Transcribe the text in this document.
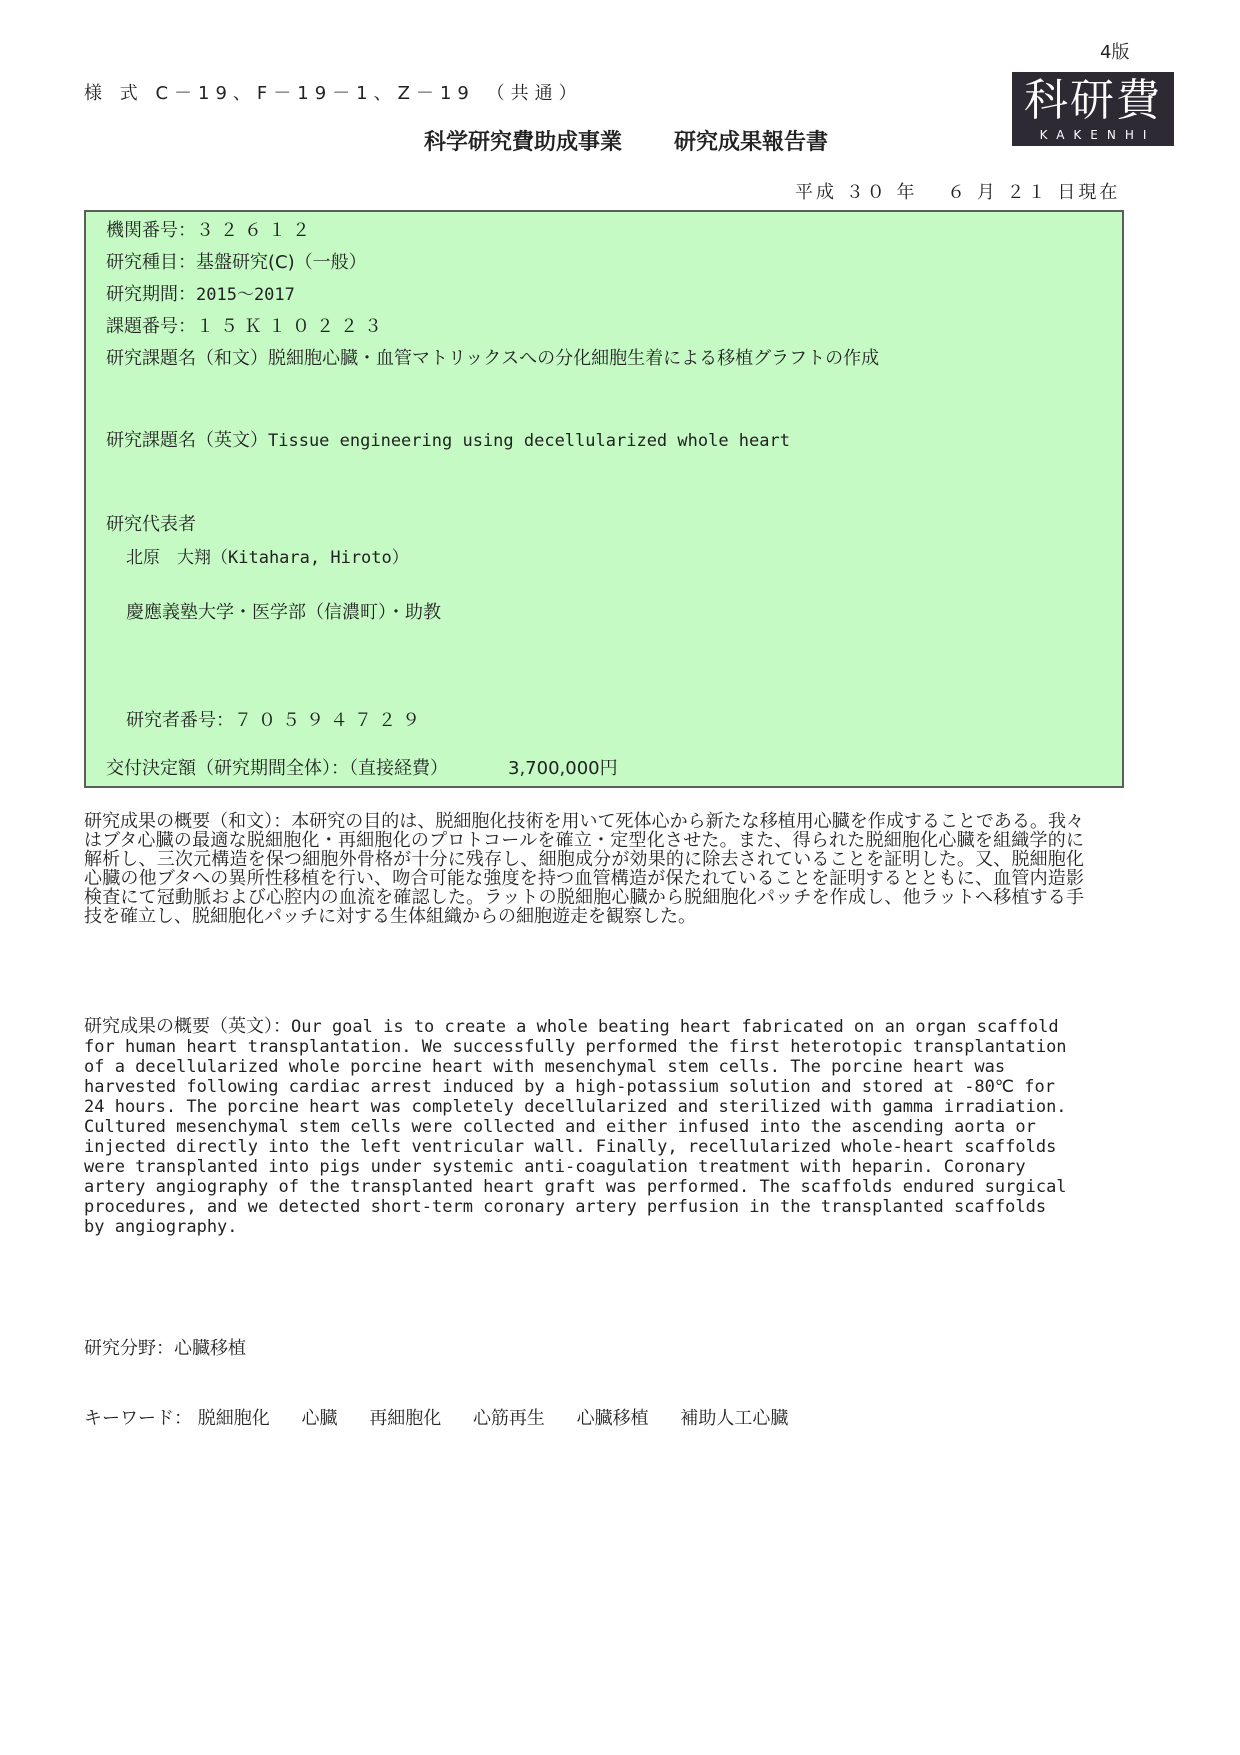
4版
様 式 C－19、F－19－1、Z－19 （共通）
科学研究費助成事業 研究成果報告書
科研費
KAKENHI
平成 ３０ 年　 ６ 月 ２１ 日現在
機関番号：３２６１２
研究種目：基盤研究(C)（一般）
研究期間：2015～2017
課題番号：１５Ｋ１０２２３
研究課題名（和文）脱細胞心臓・血管マトリックスへの分化細胞生着による移植グラフトの作成
研究課題名（英文）Tissue engineering using decellularized whole heart
研究代表者
北原　大翔（Kitahara, Hiroto）
慶應義塾大学・医学部（信濃町）・助教
研究者番号：７０５９４７２９
交付決定額（研究期間全体）：（直接経費）	3,700,000円
研究成果の概要（和文）：本研究の目的は、脱細胞化技術を用いて死体心から新たな移植用心臓を作成することである。我々はブタ心臓の最適な脱細胞化・再細胞化のプロトコールを確立・定型化させた。また、得られた脱細胞化心臓を組織学的に解析し、三次元構造を保つ細胞外骨格が十分に残存し、細胞成分が効果的に除去されていることを証明した。又、脱細胞化心臓の他ブタへの異所性移植を行い、吻合可能な強度を持つ血管構造が保たれていることを証明するとともに、血管内造影検査にて冠動脈および心腔内の血流を確認した。ラットの脱細胞心臓から脱細胞化パッチを作成し、他ラットへ移植する手技を確立し、脱細胞化パッチに対する生体組織からの細胞遊走を観察した。
研究成果の概要（英文）：Our goal is to create a whole beating heart fabricated on an organ scaffold for human heart transplantation. We successfully performed the first heterotopic transplantation of a decellularized whole porcine heart with mesenchymal stem cells. The porcine heart was harvested following cardiac arrest induced by a high-potassium solution and stored at -80℃ for 24 hours. The porcine heart was completely decellularized and sterilized with gamma irradiation. Cultured mesenchymal stem cells were collected and either infused into the ascending aorta or injected directly into the left ventricular wall. Finally, recellularized whole-heart scaffolds were transplanted into pigs under systemic anti-coagulation treatment with heparin. Coronary artery angiography of the transplanted heart graft was performed. The scaffolds endured surgical procedures, and we detected short-term coronary artery perfusion in the transplanted scaffolds by angiography.
研究分野：心臓移植
キーワード： 脱細胞化 心臓 再細胞化 心筋再生 心臓移植 補助人工心臓
